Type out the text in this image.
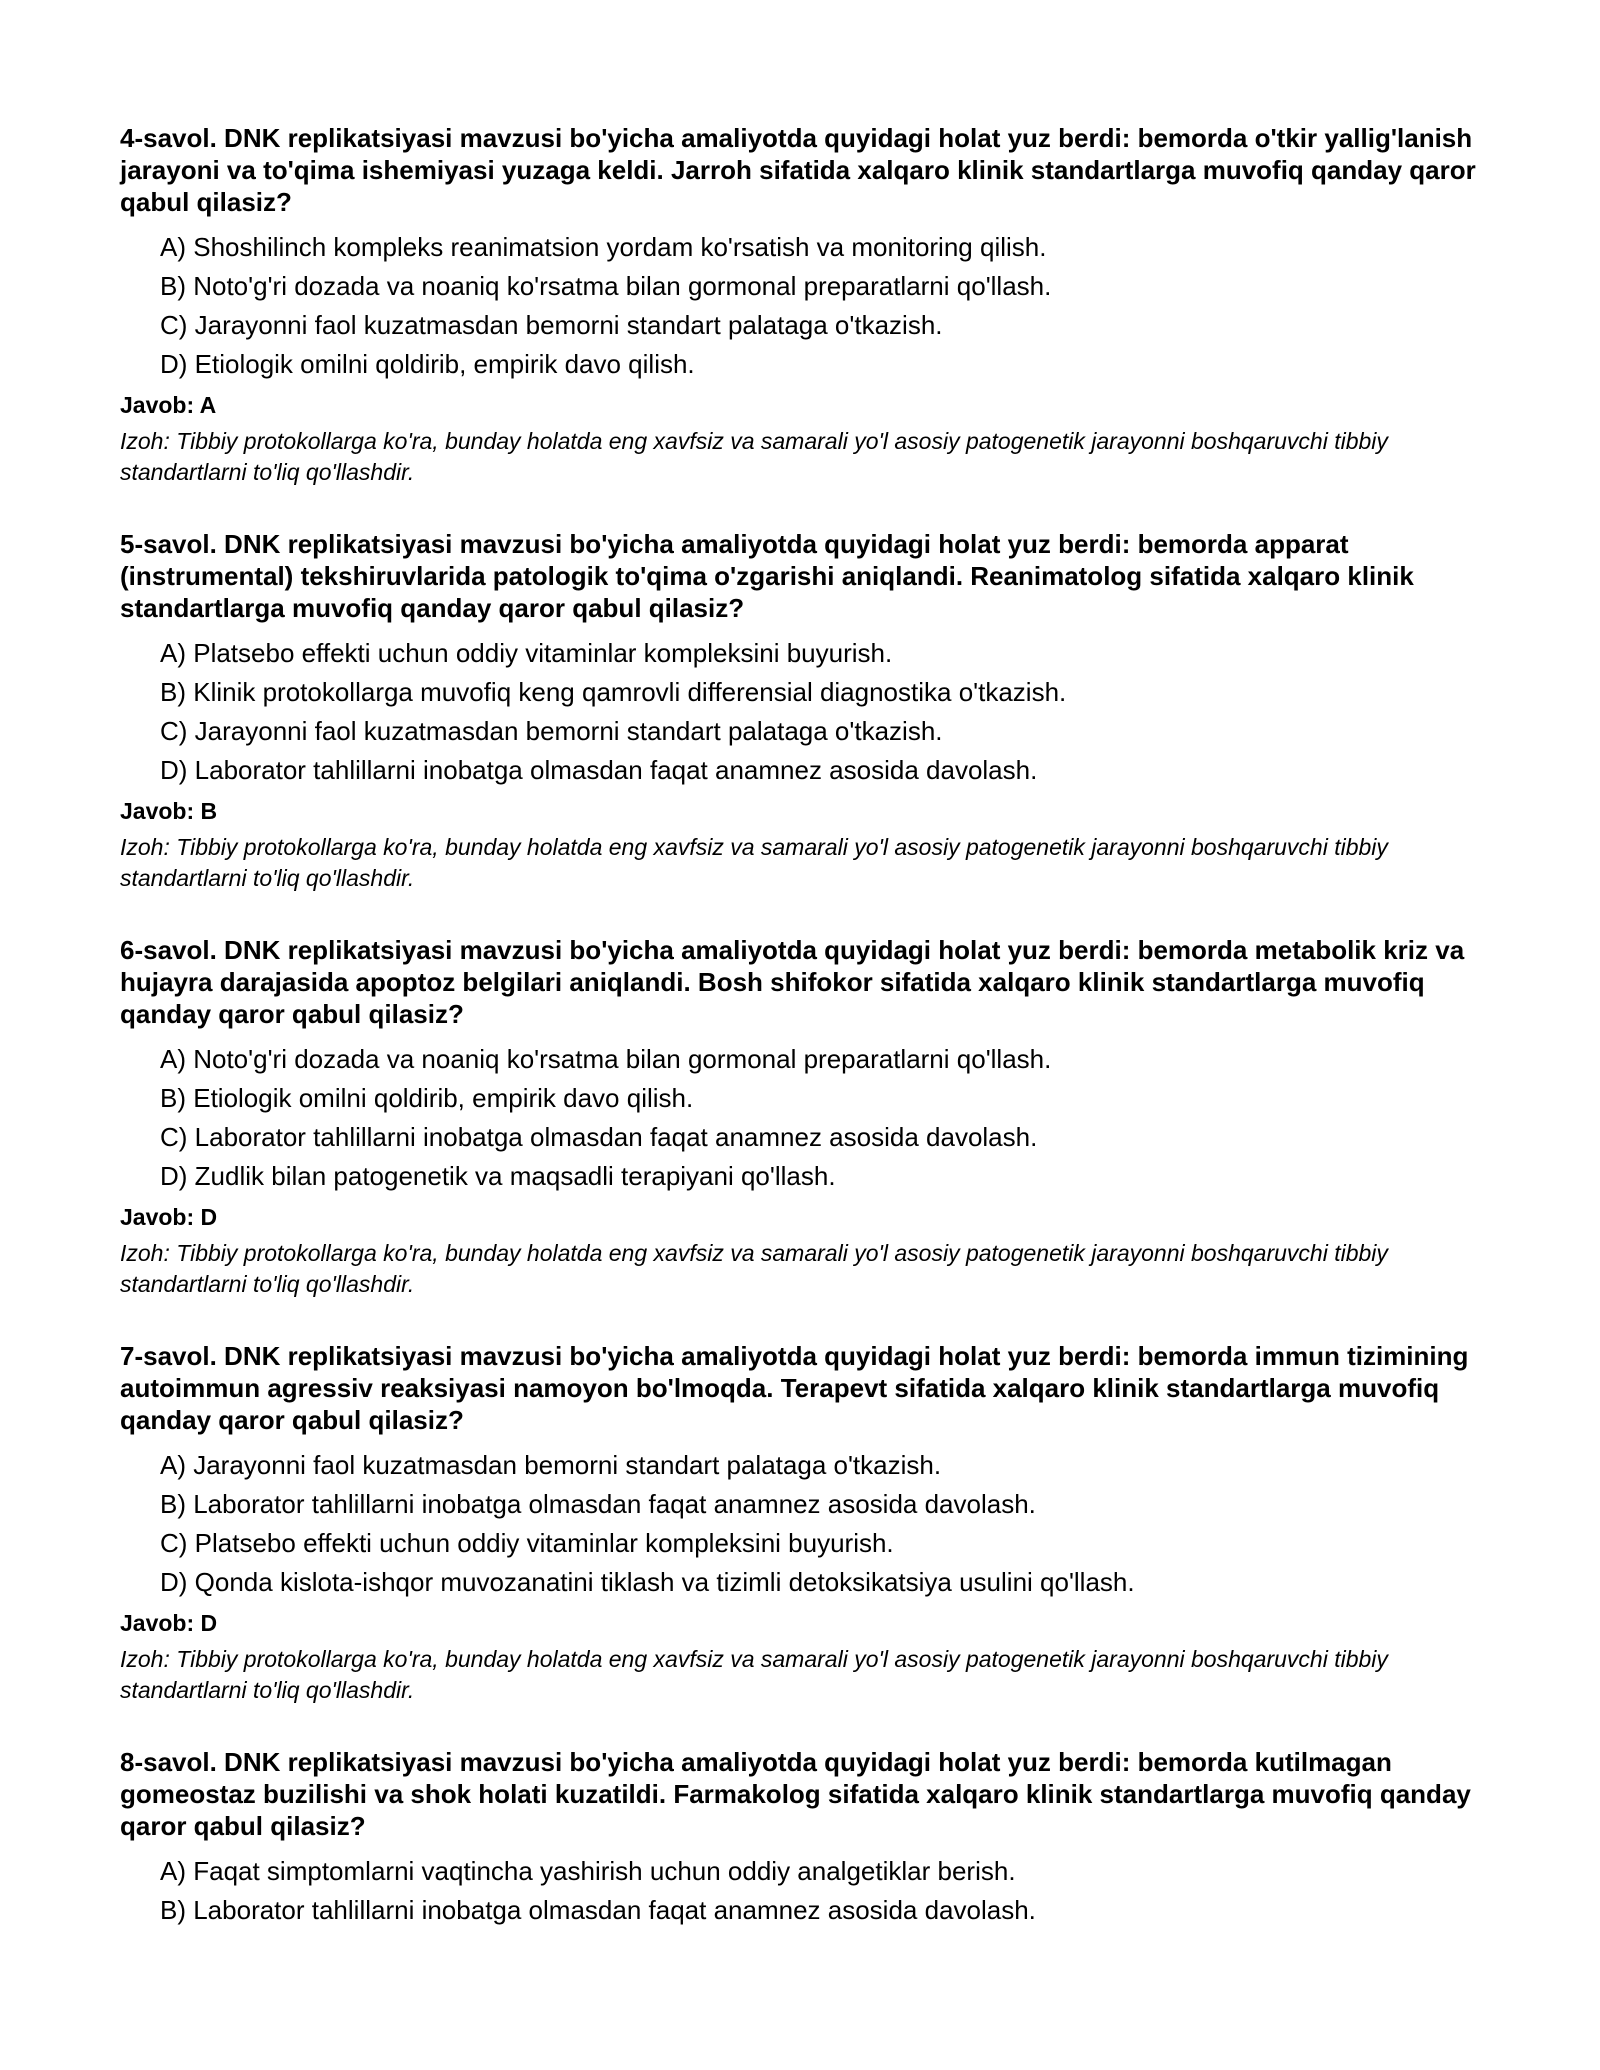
4-savol. DNK replikatsiyasi mavzusi bo'yicha amaliyotda quyidagi holat yuz berdi: bemorda o'tkir yallig'lanish jarayoni va to'qima ishemiyasi yuzaga keldi. Jarroh sifatida xalqaro klinik standartlarga muvofiq qanday qaror qabul qilasiz?

A) Shoshilinch kompleks reanimatsion yordam ko'rsatish va monitoring qilish.
B) Noto'g'ri dozada va noaniq ko'rsatma bilan gormonal preparatlarni qo'llash.
C) Jarayonni faol kuzatmasdan bemorni standart palataga o'tkazish.
D) Etiologik omilni qoldirib, empirik davo qilish.

Javob: A

Izoh: Tibbiy protokollarga ko'ra, bunday holatda eng xavfsiz va samarali yo'l asosiy patogenetik jarayonni boshqaruvchi tibbiy standartlarni to'liq qo'llashdir.

5-savol. DNK replikatsiyasi mavzusi bo'yicha amaliyotda quyidagi holat yuz berdi: bemorda apparat (instrumental) tekshiruvlarida patologik to'qima o'zgarishi aniqlandi. Reanimatolog sifatida xalqaro klinik standartlarga muvofiq qanday qaror qabul qilasiz?

A) Platsebo effekti uchun oddiy vitaminlar kompleksini buyurish.
B) Klinik protokollarga muvofiq keng qamrovli differensial diagnostika o'tkazish.
C) Jarayonni faol kuzatmasdan bemorni standart palataga o'tkazish.
D) Laborator tahlillarni inobatga olmasdan faqat anamnez asosida davolash.

Javob: B

Izoh: Tibbiy protokollarga ko'ra, bunday holatda eng xavfsiz va samarali yo'l asosiy patogenetik jarayonni boshqaruvchi tibbiy standartlarni to'liq qo'llashdir.

6-savol. DNK replikatsiyasi mavzusi bo'yicha amaliyotda quyidagi holat yuz berdi: bemorda metabolik kriz va hujayra darajasida apoptoz belgilari aniqlandi. Bosh shifokor sifatida xalqaro klinik standartlarga muvofiq qanday qaror qabul qilasiz?

A) Noto'g'ri dozada va noaniq ko'rsatma bilan gormonal preparatlarni qo'llash.
B) Etiologik omilni qoldirib, empirik davo qilish.
C) Laborator tahlillarni inobatga olmasdan faqat anamnez asosida davolash.
D) Zudlik bilan patogenetik va maqsadli terapiyani qo'llash.

Javob: D

Izoh: Tibbiy protokollarga ko'ra, bunday holatda eng xavfsiz va samarali yo'l asosiy patogenetik jarayonni boshqaruvchi tibbiy standartlarni to'liq qo'llashdir.

7-savol. DNK replikatsiyasi mavzusi bo'yicha amaliyotda quyidagi holat yuz berdi: bemorda immun tizimining autoimmun agressiv reaksiyasi namoyon bo'lmoqda. Terapevt sifatida xalqaro klinik standartlarga muvofiq qanday qaror qabul qilasiz?

A) Jarayonni faol kuzatmasdan bemorni standart palataga o'tkazish.
B) Laborator tahlillarni inobatga olmasdan faqat anamnez asosida davolash.
C) Platsebo effekti uchun oddiy vitaminlar kompleksini buyurish.
D) Qonda kislota-ishqor muvozanatini tiklash va tizimli detoksikatsiya usulini qo'llash.

Javob: D

Izoh: Tibbiy protokollarga ko'ra, bunday holatda eng xavfsiz va samarali yo'l asosiy patogenetik jarayonni boshqaruvchi tibbiy standartlarni to'liq qo'llashdir.

8-savol. DNK replikatsiyasi mavzusi bo'yicha amaliyotda quyidagi holat yuz berdi: bemorda kutilmagan gomeostaz buzilishi va shok holati kuzatildi. Farmakolog sifatida xalqaro klinik standartlarga muvofiq qanday qaror qabul qilasiz?

A) Faqat simptomlarni vaqtincha yashirish uchun oddiy analgetiklar berish.
B) Laborator tahlillarni inobatga olmasdan faqat anamnez asosida davolash.
